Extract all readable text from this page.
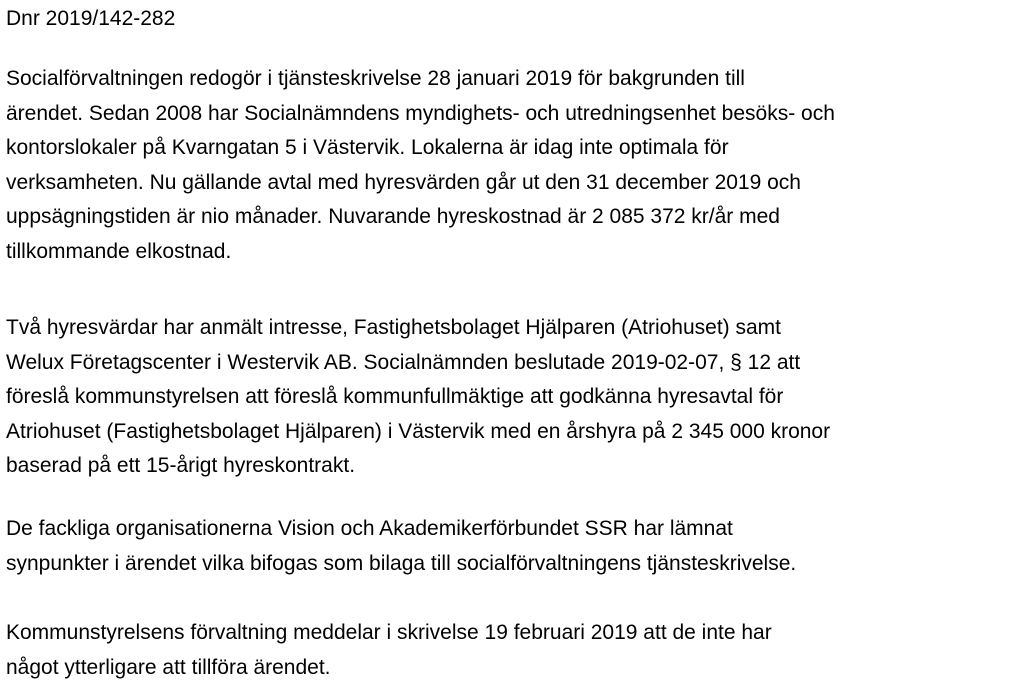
Dnr 2019/142-282

Socialförvaltningen redogör i tjänsteskrivelse 28 januari 2019 för bakgrunden till
ärendet. Sedan 2008 har Socialnämndens myndighets- och utredningsenhet besöks- och
kontorslokaler på Kvarngatan 5 i Västervik. Lokalerna är idag inte optimala för
verksamheten. Nu gällande avtal med hyresvärden går ut den 31 december 2019 och
uppsägningstiden är nio månader. Nuvarande hyreskostnad är 2 085 372 kr/år med
tillkommande elkostnad.

Två hyresvärdar har anmält intresse, Fastighetsbolaget Hjälparen (Atriohuset) samt
Welux Företagscenter i Westervik AB. Socialnämnden beslutade 2019-02-07, § 12 att
föreslå kommunstyrelsen att föreslå kommunfullmäktige att godkänna hyresavtal för
Atriohuset (Fastighetsbolaget Hjälparen) i Västervik med en årshyra på 2 345 000 kronor
baserad på ett 15-årigt hyreskontrakt.

De fackliga organisationerna Vision och Akademikerförbundet SSR har lämnat
synpunkter i ärendet vilka bifogas som bilaga till socialförvaltningens tjänsteskrivelse.

Kommunstyrelsens förvaltning meddelar i skrivelse 19 februari 2019 att de inte har
något ytterligare att tillföra ärendet.
